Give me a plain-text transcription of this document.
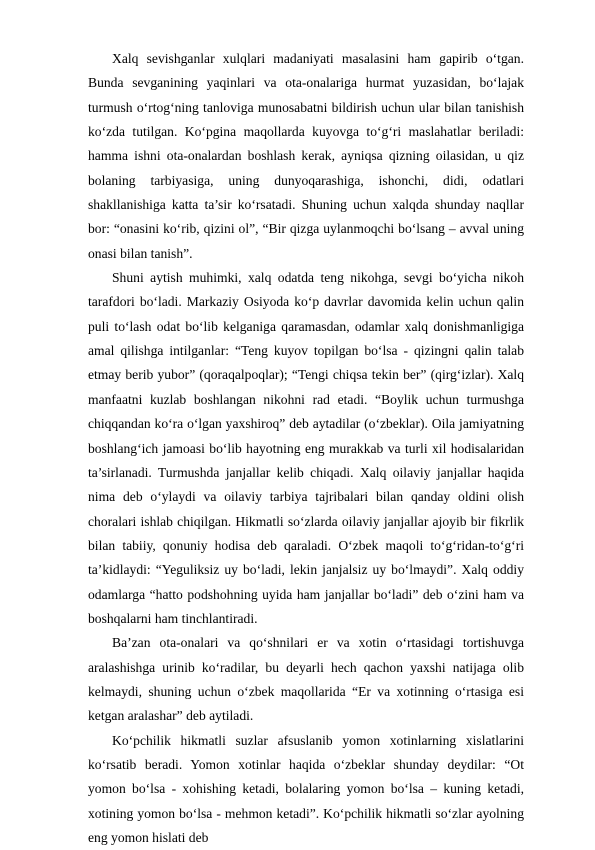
Xalq sevishganlar xulqlari madaniyati masalasini ham gapirib o‘tgan. Bunda sevganining yaqinlari va ota-onalariga hurmat yuzasidan, bo‘lajak turmush o‘rtog‘ning tanloviga munosabatni bildirish uchun ular bilan tanishish ko‘zda tutilgan. Ko‘pgina maqollarda kuyovga to‘g‘ri maslahatlar beriladi: hamma ishni ota-onalardan boshlash kerak, ayniqsa qizning oilasidan, u qiz bolaning tarbiyasiga, uning dunyoqarashiga, ishonchi, didi, odatlari shakllanishiga katta ta’sir ko‘rsatadi. Shuning uchun xalqda shunday naqllar bor: “onasini ko‘rib, qizini ol”, “Bir qizga uylanmoqchi bo‘lsang – avval uning onasi bilan tanish”.

Shuni aytish muhimki, xalq odatda teng nikohga, sevgi bo‘yicha nikoh tarafdori bo‘ladi. Markaziy Osiyoda ko‘p davrlar davomida kelin uchun qalin puli to‘lash odat bo‘lib kelganiga qaramasdan, odamlar xalq donishmanligiga amal qilishga intilganlar: “Teng kuyov topilgan bo‘lsa - qizingni qalin talab etmay berib yubor” (qoraqalpoqlar); “Tengi chiqsa tekin ber” (qirg‘izlar). Xalq manfaatni kuzlab boshlangan nikohni rad etadi. “Boylik uchun turmushga chiqqandan ko‘ra o‘lgan yaxshiroq” deb aytadilar (o‘zbeklar). Oila jamiyatning boshlang‘ich jamoasi bo‘lib hayotning eng murakkab va turli xil hodisalaridan ta’sirlanadi. Turmushda janjallar kelib chiqadi. Xalq oilaviy janjallar haqida nima deb o‘ylaydi va oilaviy tarbiya tajribalari bilan qanday oldini olish choralari ishlab chiqilgan. Hikmatli so‘zlarda oilaviy janjallar ajoyib bir fikrlik bilan tabiiy, qonuniy hodisa deb qaraladi. O‘zbek maqoli to‘g‘ridan-to‘g‘ri ta’kidlaydi: “Yeguliksiz uy bo‘ladi, lekin janjalsiz uy bo‘lmaydi”. Xalq oddiy odamlarga “hatto podshohning uyida ham janjallar bo‘ladi” deb o‘zini ham va boshqalarni ham tinchlantiradi.

Ba’zan ota-onalari va qo‘shnilari er va xotin o‘rtasidagi tortishuvga aralashishga urinib ko‘radilar, bu deyarli hech qachon yaxshi natijaga olib kelmaydi, shuning uchun o‘zbek maqollarida “Er va xotinning o‘rtasiga esi ketgan aralashar” deb aytiladi.

Ko‘pchilik hikmatli suzlar afsuslanib yomon xotinlarning xislatlarini ko‘rsatib beradi. Yomon xotinlar haqida o‘zbeklar shunday deydilar: “Ot yomon bo‘lsa - xohishing ketadi, bolalaring yomon bo‘lsa – kuning ketadi, xotining yomon bo‘lsa - mehmon ketadi”. Ko‘pchilik hikmatli so‘zlar ayolning eng yomon hislati deb
